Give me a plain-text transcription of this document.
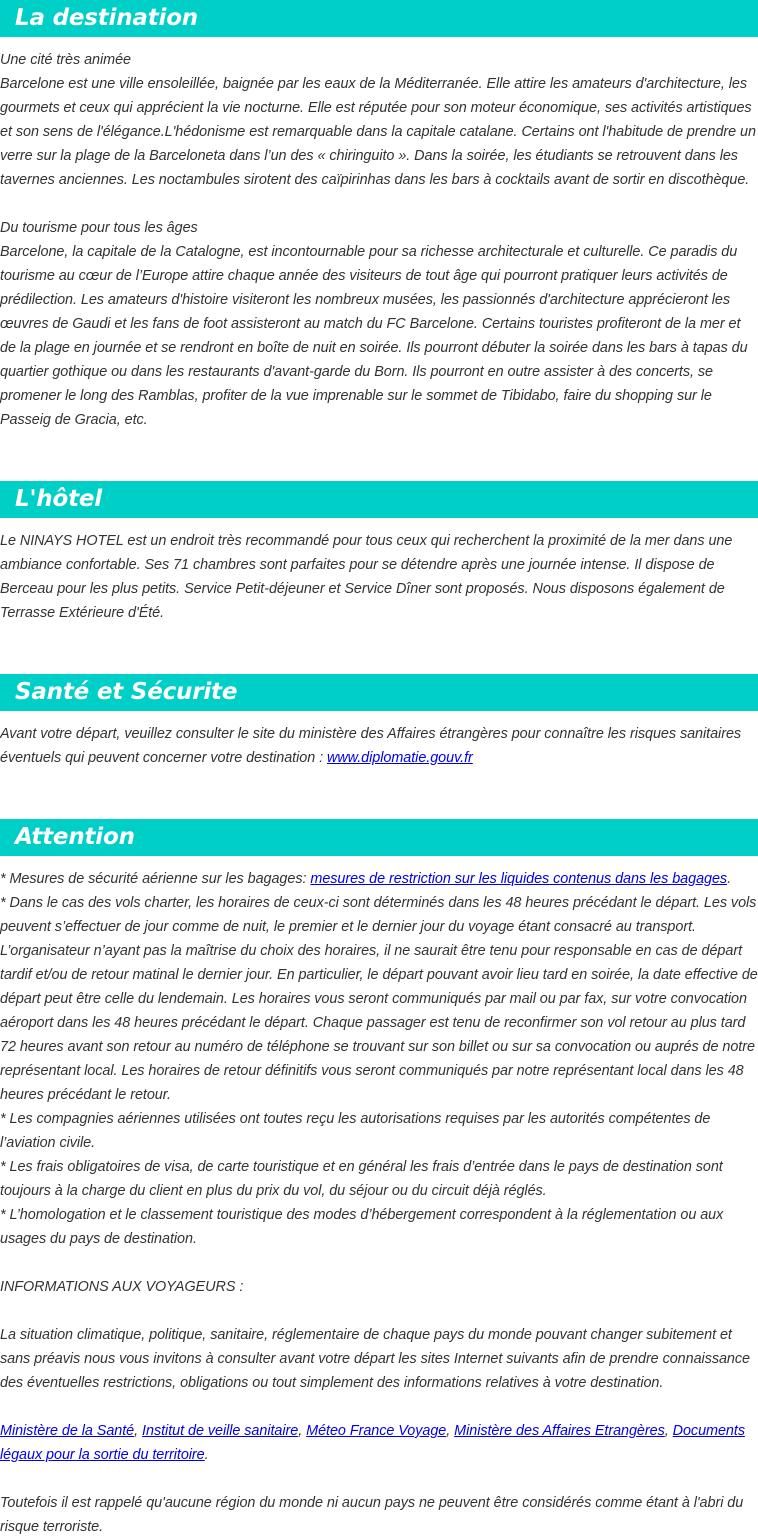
La destination

Une cité très animée

Barcelone est une ville ensoleillée, baignée par les eaux de la Méditerranée. Elle attire les amateurs d'architecture, les gourmets et ceux qui apprécient la vie nocturne. Elle est réputée pour son moteur économique, ses activités artistiques et son sens de l'élégance.L'hédonisme est remarquable dans la capitale catalane. Certains ont l'habitude de prendre un verre sur la plage de la Barceloneta dans l’un des « chiringuito ». Dans la soirée, les étudiants se retrouvent dans les tavernes anciennes. Les noctambules sirotent des caïpirinhas dans les bars à cocktails avant de sortir en discothèque.

Du tourisme pour tous les âges

Barcelone, la capitale de la Catalogne, est incontournable pour sa richesse architecturale et culturelle. Ce paradis du tourisme au cœur de l’Europe attire chaque année des visiteurs de tout âge qui pourront pratiquer leurs activités de prédilection. Les amateurs d'histoire visiteront les nombreux musées, les passionnés d'architecture apprécieront les œuvres de Gaudi et les fans de foot assisteront au match du FC Barcelone. Certains touristes profiteront de la mer et de la plage en journée et se rendront en boîte de nuit en soirée. Ils pourront débuter la soirée dans les bars à tapas du quartier gothique ou dans les restaurants d'avant-garde du Born. Ils pourront en outre assister à des concerts, se promener le long des Ramblas, profiter de la vue imprenable sur le sommet de Tibidabo, faire du shopping sur le Passeig de Gracia, etc.

L'hôtel

Le NINAYS HOTEL est un endroit très recommandé pour tous ceux qui recherchent la proximité de la mer dans une ambiance confortable. Ses 71 chambres sont parfaites pour se détendre après une journée intense. Il dispose de Berceau pour les plus petits. Service Petit-déjeuner et Service Dîner sont proposés. Nous disposons également de Terrasse Extérieure d'Été.

Santé et Sécurite

Avant votre départ, veuillez consulter le site du ministère des Affaires étrangères pour connaître les risques sanitaires éventuels qui peuvent concerner votre destination : www.diplomatie.gouv.fr

Attention

* Mesures de sécurité aérienne sur les bagages: mesures de restriction sur les liquides contenus dans les bagages.

* Dans le cas des vols charter, les horaires de ceux-ci sont déterminés dans les 48 heures précédant le départ. Les vols peuvent s’effectuer de jour comme de nuit, le premier et le dernier jour du voyage étant consacré au transport. L’organisateur n’ayant pas la maîtrise du choix des horaires, il ne saurait être tenu pour responsable en cas de départ tardif et/ou de retour matinal le dernier jour. En particulier, le départ pouvant avoir lieu tard en soirée, la date effective de départ peut être celle du lendemain. Les horaires vous seront communiqués par mail ou par fax, sur votre convocation aéroport dans les 48 heures précédant le départ. Chaque passager est tenu de reconfirmer son vol retour au plus tard 72 heures avant son retour au numéro de téléphone se trouvant sur son billet ou sur sa convocation ou auprés de notre représentant local. Les horaires de retour définitifs vous seront communiqués par notre représentant local dans les 48 heures précédant le retour.

* Les compagnies aériennes utilisées ont toutes reçu les autorisations requises par les autorités compétentes de l’aviation civile.

* Les frais obligatoires de visa, de carte touristique et en général les frais d’entrée dans le pays de destination sont toujours à la charge du client en plus du prix du vol, du séjour ou du circuit déjà réglés.

* L’homologation et le classement touristique des modes d’hébergement correspondent à la réglementation ou aux usages du pays de destination.

INFORMATIONS AUX VOYAGEURS :

La situation climatique, politique, sanitaire, réglementaire de chaque pays du monde pouvant changer subitement et sans préavis nous vous invitons à consulter avant votre départ les sites Internet suivants afin de prendre connaissance des éventuelles restrictions, obligations ou tout simplement des informations relatives à votre destination.

Ministère de la Santé, Institut de veille sanitaire, Méteo France Voyage, Ministère des Affaires Etrangères, Documents légaux pour la sortie du territoire.

Toutefois il est rappelé qu'aucune région du monde ni aucun pays ne peuvent être considérés comme étant à l'abri du risque terroriste.
